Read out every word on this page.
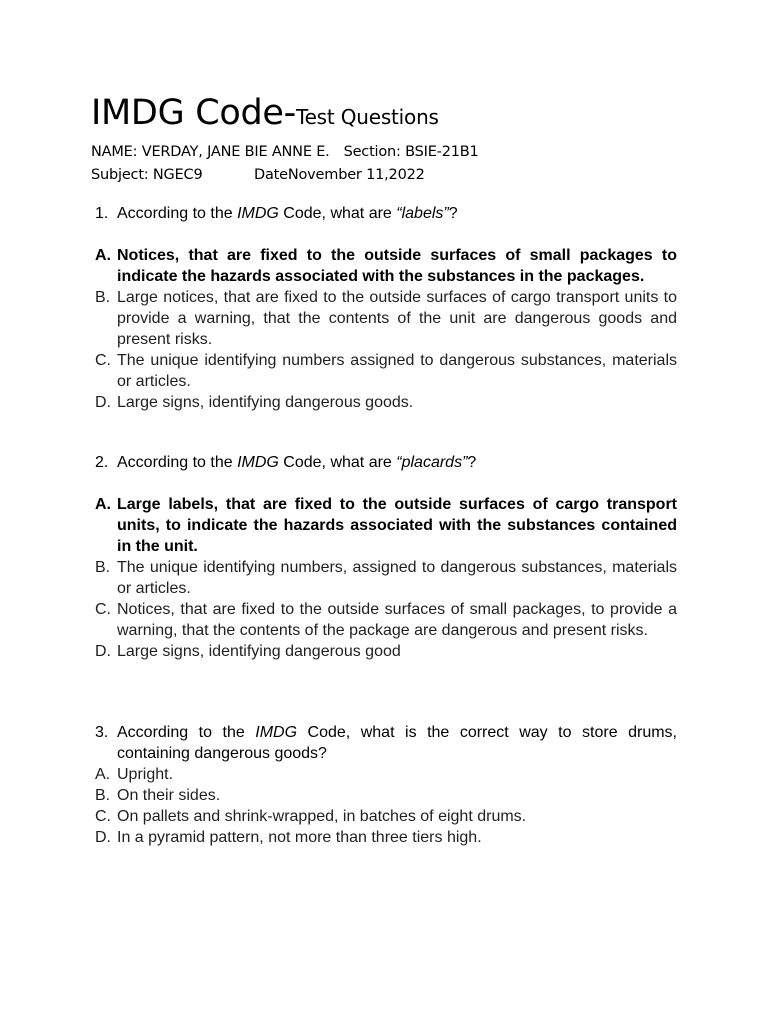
IMDG Code-Test Questions
NAME: VERDAY, JANE BIE ANNE E. Section: BSIE-21B1
Subject: NGEC9	DateNovember 11,2022
1. According to the IMDG Code, what are “labels”?
A. Notices, that are fixed to the outside surfaces of small packages to indicate the hazards associated with the substances in the packages.
B. Large notices, that are fixed to the outside surfaces of cargo transport units to provide a warning, that the contents of the unit are dangerous goods and present risks.
C. The unique identifying numbers assigned to dangerous substances, materials or articles.
D. Large signs, identifying dangerous goods.
2. According to the IMDG Code, what are “placards”?
A. Large labels, that are fixed to the outside surfaces of cargo transport units, to indicate the hazards associated with the substances contained in the unit.
B. The unique identifying numbers, assigned to dangerous substances, materials or articles.
C. Notices, that are fixed to the outside surfaces of small packages, to provide a warning, that the contents of the package are dangerous and present risks.
D. Large signs, identifying dangerous good
3. According to the IMDG Code, what is the correct way to store drums, containing dangerous goods?
A. Upright.
B. On their sides.
C. On pallets and shrink-wrapped, in batches of eight drums.
D. In a pyramid pattern, not more than three tiers high.
